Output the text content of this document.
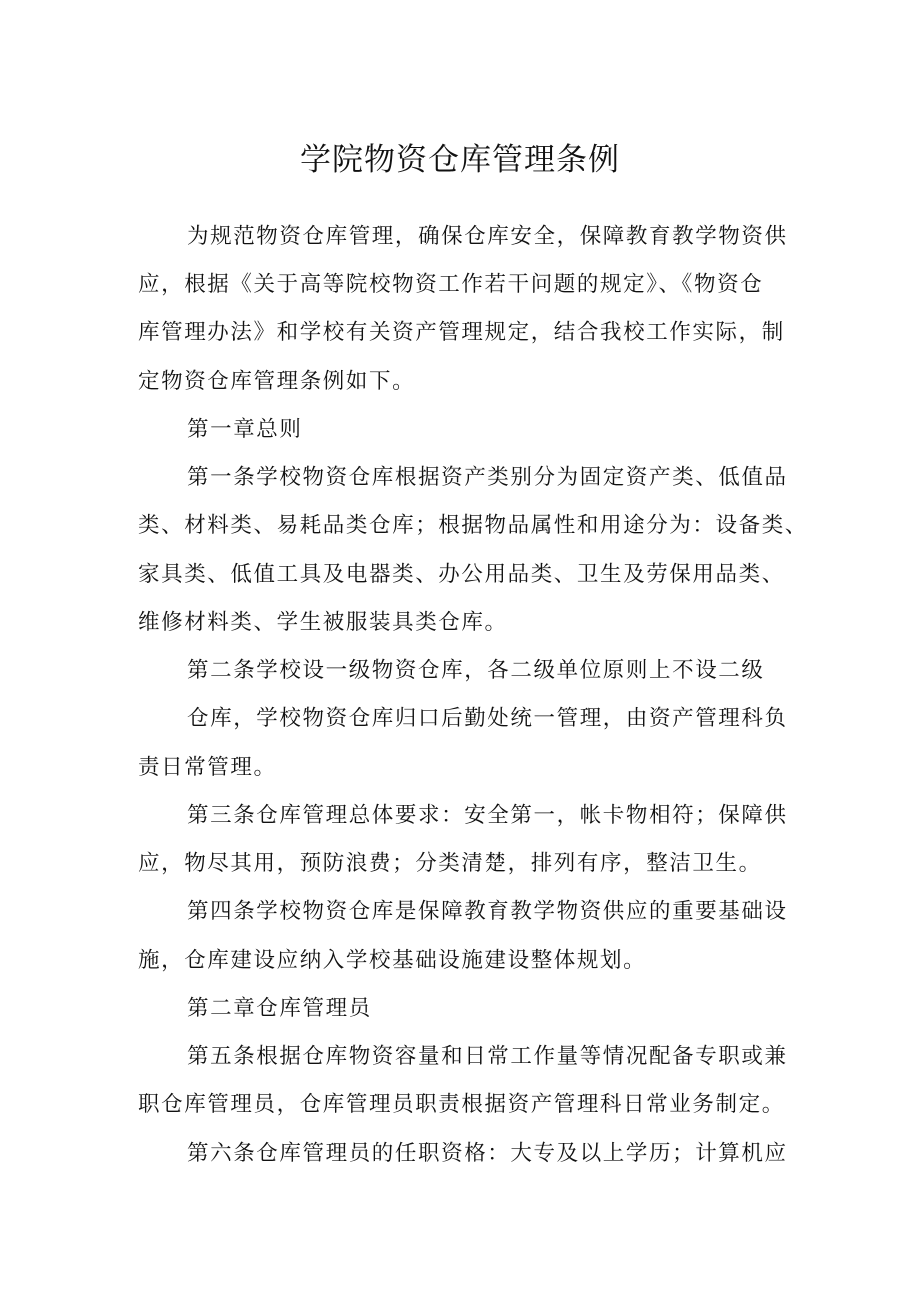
学院物资仓库管理条例

为规范物资仓库管理，确保仓库安全，保障教育教学物资供

应，根据《关于高等院校物资工作若干问题的规定》、《物资仓

库管理办法》和学校有关资产管理规定，结合我校工作实际，制

定物资仓库管理条例如下。

第一章总则

第一条学校物资仓库根据资产类别分为固定资产类、低值品

类、材料类、易耗品类仓库；根据物品属性和用途分为：设备类、

家具类、低值工具及电器类、办公用品类、卫生及劳保用品类、

维修材料类、学生被服装具类仓库。

第二条学校设一级物资仓库，各二级单位原则上不设二级

仓库，学校物资仓库归口后勤处统一管理，由资产管理科负

责日常管理。

第三条仓库管理总体要求：安全第一，帐卡物相符；保障供

应，物尽其用，预防浪费；分类清楚，排列有序，整洁卫生。

第四条学校物资仓库是保障教育教学物资供应的重要基础设

施，仓库建设应纳入学校基础设施建设整体规划。

第二章仓库管理员

第五条根据仓库物资容量和日常工作量等情况配备专职或兼

职仓库管理员，仓库管理员职责根据资产管理科日常业务制定。

第六条仓库管理员的任职资格：大专及以上学历；计算机应
